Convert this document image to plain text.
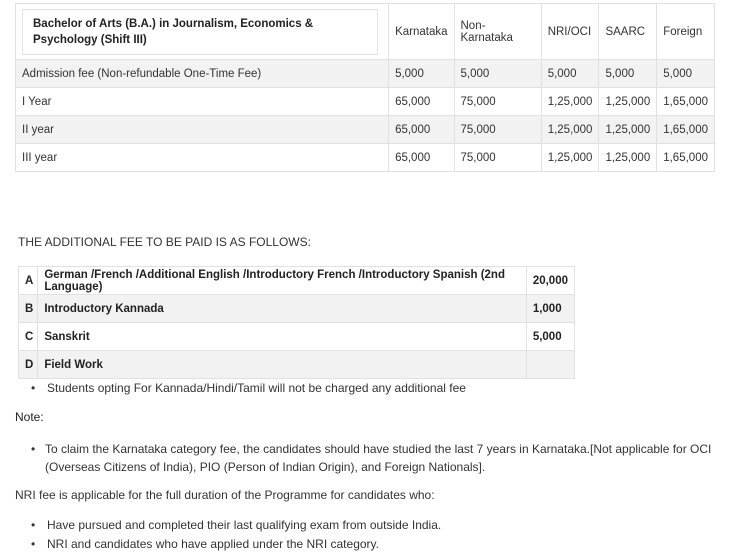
Bachelor of Arts (B.A.) in Journalism, Economics & Psychology (Shift III)	Karnataka	Non-Karnataka	NRI/OCI	SAARC	Foreign
Admission fee (Non-refundable One-Time Fee)	5,000	5,000	5,000	5,000	5,000
I Year	65,000	75,000	1,25,000	1,25,000	1,65,000
II year	65,000	75,000	1,25,000	1,25,000	1,65,000
III year	65,000	75,000	1,25,000	1,25,000	1,65,000
THE ADDITIONAL FEE TO BE PAID IS AS FOLLOWS:
A	German /French /Additional English /Introductory French /Introductory Spanish (2nd Language)	20,000
B	Introductory Kannada	1,000
C	Sanskrit	5,000
D	Field Work	
• Students opting For Kannada/Hindi/Tamil will not be charged any additional fee
Note:
• To claim the Karnataka category fee, the candidates should have studied the last 7 years in Karnataka.[Not applicable for OCI (Overseas Citizens of India), PIO (Person of Indian Origin), and Foreign Nationals].
NRI fee is applicable for the full duration of the Programme for candidates who:
• Have pursued and completed their last qualifying exam from outside India.
• NRI and candidates who have applied under the NRI category.
